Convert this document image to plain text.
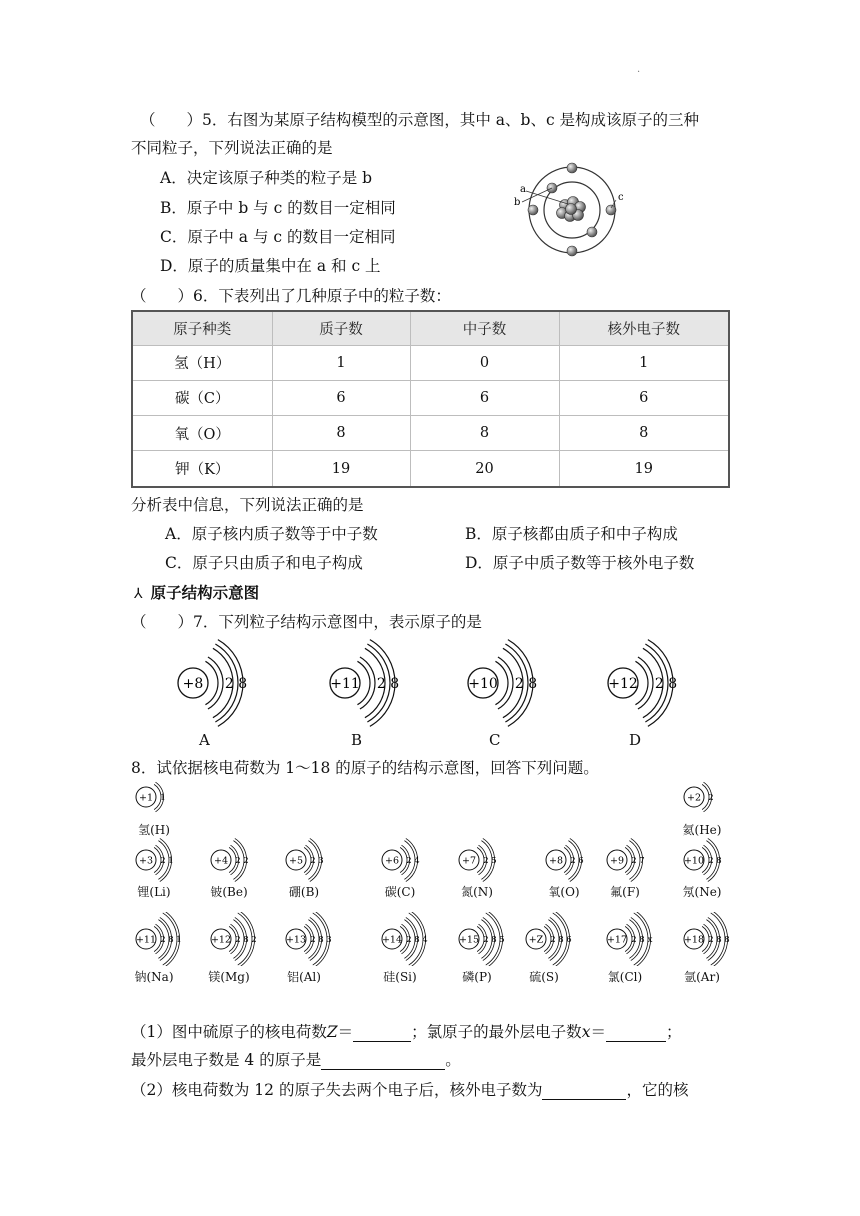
.
（　　）5．右图为某原子结构模型的示意图，其中 a、b、c 是构成该原子的三种
不同粒子，下列说法正确的是
A．决定该原子种类的粒子是 b
B．原子中 b 与 c 的数目一定相同
C．原子中 a 与 c 的数目一定相同
D．原子的质量集中在 a 和 c 上
a
b	c
（　　）6．下表列出了几种原子中的粒子数：
原子种类	质子数	中子数	核外电子数
氢（H）	1	0	1
碳（C）	6	6	6
氧（O）	8	8	8
钾（K）	19	20	19
分析表中信息，下列说法正确的是
A．原子核内质子数等于中子数	B．原子核都由质子和中子构成
C．原子只由质子和电子构成	D．原子中质子数等于核外电子数
⅄ 原子结构示意图
（　　）7．下列粒子结构示意图中，表示原子的是
+8 2 8
A
+11 2 8
B
+10 2 8
C
+12 2 8
D
8．试依据核电荷数为 1～18 的原子的结构示意图，回答下列问题。
+1 1
氢(H)
+2 2
氦(He)
+3 2 1
锂(Li)
+4 2 2
铍(Be)
+5 2 3
硼(B)
+6 2 4
碳(C)
+7 2 5
氮(N)
+8 2 6
氧(O)
+9 2 7
氟(F)
+10 2 8
氖(Ne)
+11 2 8 1
钠(Na)
+12 2 8 2
镁(Mg)
+13 2 8 3
铝(Al)
+14 2 8 4
硅(Si)
+15 2 8 5
磷(P)
+Z 2 8 6
硫(S)
+17 2 8 x
氯(Cl)
+18 2 8 8
氩(Ar)
（1）图中硫原子的核电荷数Z＝	；氯原子的最外层电子数x＝	；
最外层电子数是 4 的原子是	。
（2）核电荷数为 12 的原子失去两个电子后，核外电子数为	，它的核
